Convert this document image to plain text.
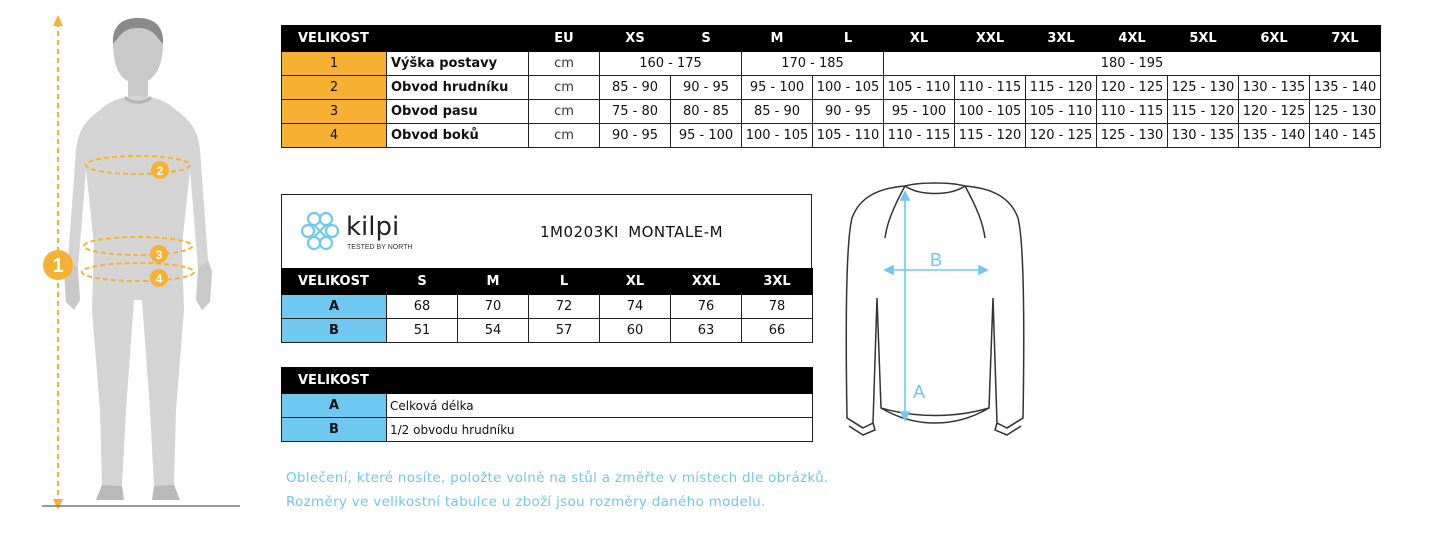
1
2
3
4
VELIKOST		EU	XS	S	M	L	XL	XXL	3XL	4XL	5XL	6XL	7XL
1	Výška postavy	cm	160 - 175		170 - 185		180 - 195						
2	Obvod hrudníku	cm	85 - 90	90 - 95	95 - 100	100 - 105	105 - 110	110 - 115	115 - 120	120 - 125	125 - 130	130 - 135	135 - 140
3	Obvod pasu	cm	75 - 80	80 - 85	85 - 90	90 - 95	95 - 100	100 - 105	105 - 110	110 - 115	115 - 120	120 - 125	125 - 130
4	Obvod boků	cm	90 - 95	95 - 100	100 - 105	105 - 110	110 - 115	115 - 120	120 - 125	125 - 130	130 - 135	135 - 140	140 - 145
kilpi
TESTED BY NORTH
1M0203KI MONTALE-M
VELIKOST	S	M	L	XL	XXL	3XL
A	68	70	72	74	76	78
B	51	54	57	60	63	66
VELIKOST	
A	Celková délka
B	1/2 obvodu hrudníku
A
B
Oblečení, které nosíte, položte volně na stůl a změřte v místech dle obrázků.
Rozměry ve velikostní tabulce u zboží jsou rozměry daného modelu.
